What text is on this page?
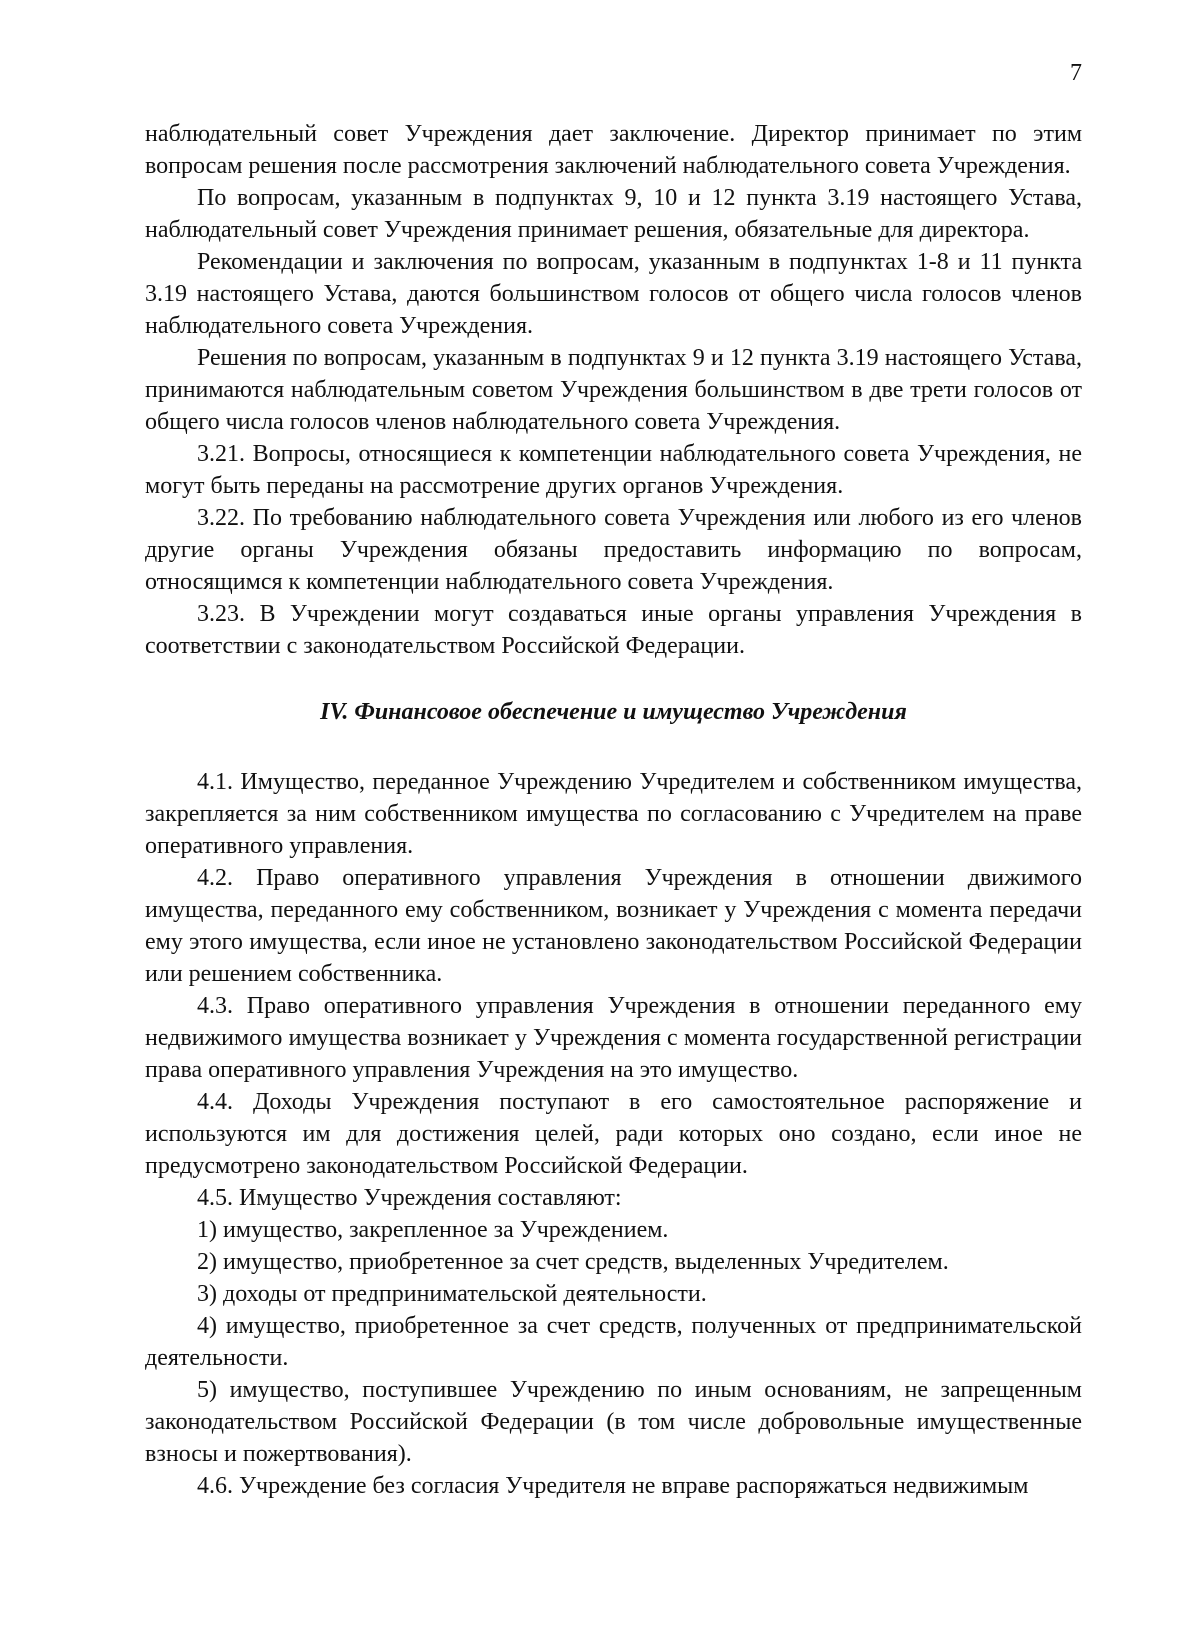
7

наблюдательный совет Учреждения дает заключение. Директор принимает по этим вопросам решения после рассмотрения заключений наблюдательного совета Учреждения.

По вопросам, указанным в подпунктах 9, 10 и 12 пункта 3.19 настоящего Устава, наблюдательный совет Учреждения принимает решения, обязательные для директора.

Рекомендации и заключения по вопросам, указанным в подпунктах 1-8 и 11 пункта 3.19 настоящего Устава, даются большинством голосов от общего числа голосов членов наблюдательного совета Учреждения.

Решения по вопросам, указанным в подпунктах 9 и 12 пункта 3.19 настоящего Устава, принимаются наблюдательным советом Учреждения большинством в две трети голосов от общего числа голосов членов наблюдательного совета Учреждения.

3.21. Вопросы, относящиеся к компетенции наблюдательного совета Учреждения, не могут быть переданы на рассмотрение других органов Учреждения.

3.22. По требованию наблюдательного совета Учреждения или любого из его членов другие органы Учреждения обязаны предоставить информацию по вопросам, относящимся к компетенции наблюдательного совета Учреждения.

3.23. В Учреждении могут создаваться иные органы управления Учреждения в соответствии с законодательством Российской Федерации.

IV. Финансовое обеспечение и имущество Учреждения

4.1. Имущество, переданное Учреждению Учредителем и собственником имущества, закрепляется за ним собственником имущества по согласованию с Учредителем на праве оперативного управления.

4.2. Право оперативного управления Учреждения в отношении движимого имущества, переданного ему собственником, возникает у Учреждения с момента передачи ему этого имущества, если иное не установлено законодательством Российской Федерации или решением собственника.

4.3. Право оперативного управления Учреждения в отношении переданного ему недвижимого имущества возникает у Учреждения с момента государственной регистрации права оперативного управления Учреждения на это имущество.

4.4. Доходы Учреждения поступают в его самостоятельное распоряжение и используются им для достижения целей, ради которых оно создано, если иное не предусмотрено законодательством Российской Федерации.

4.5. Имущество Учреждения составляют:

1) имущество, закрепленное за Учреждением.

2) имущество, приобретенное за счет средств, выделенных Учредителем.

3) доходы от предпринимательской деятельности.

4) имущество, приобретенное за счет средств, полученных от предпринимательской деятельности.

5) имущество, поступившее Учреждению по иным основаниям, не запрещенным законодательством Российской Федерации (в том числе добровольные имущественные взносы и пожертвования).

4.6. Учреждение без согласия Учредителя не вправе распоряжаться недвижимым
